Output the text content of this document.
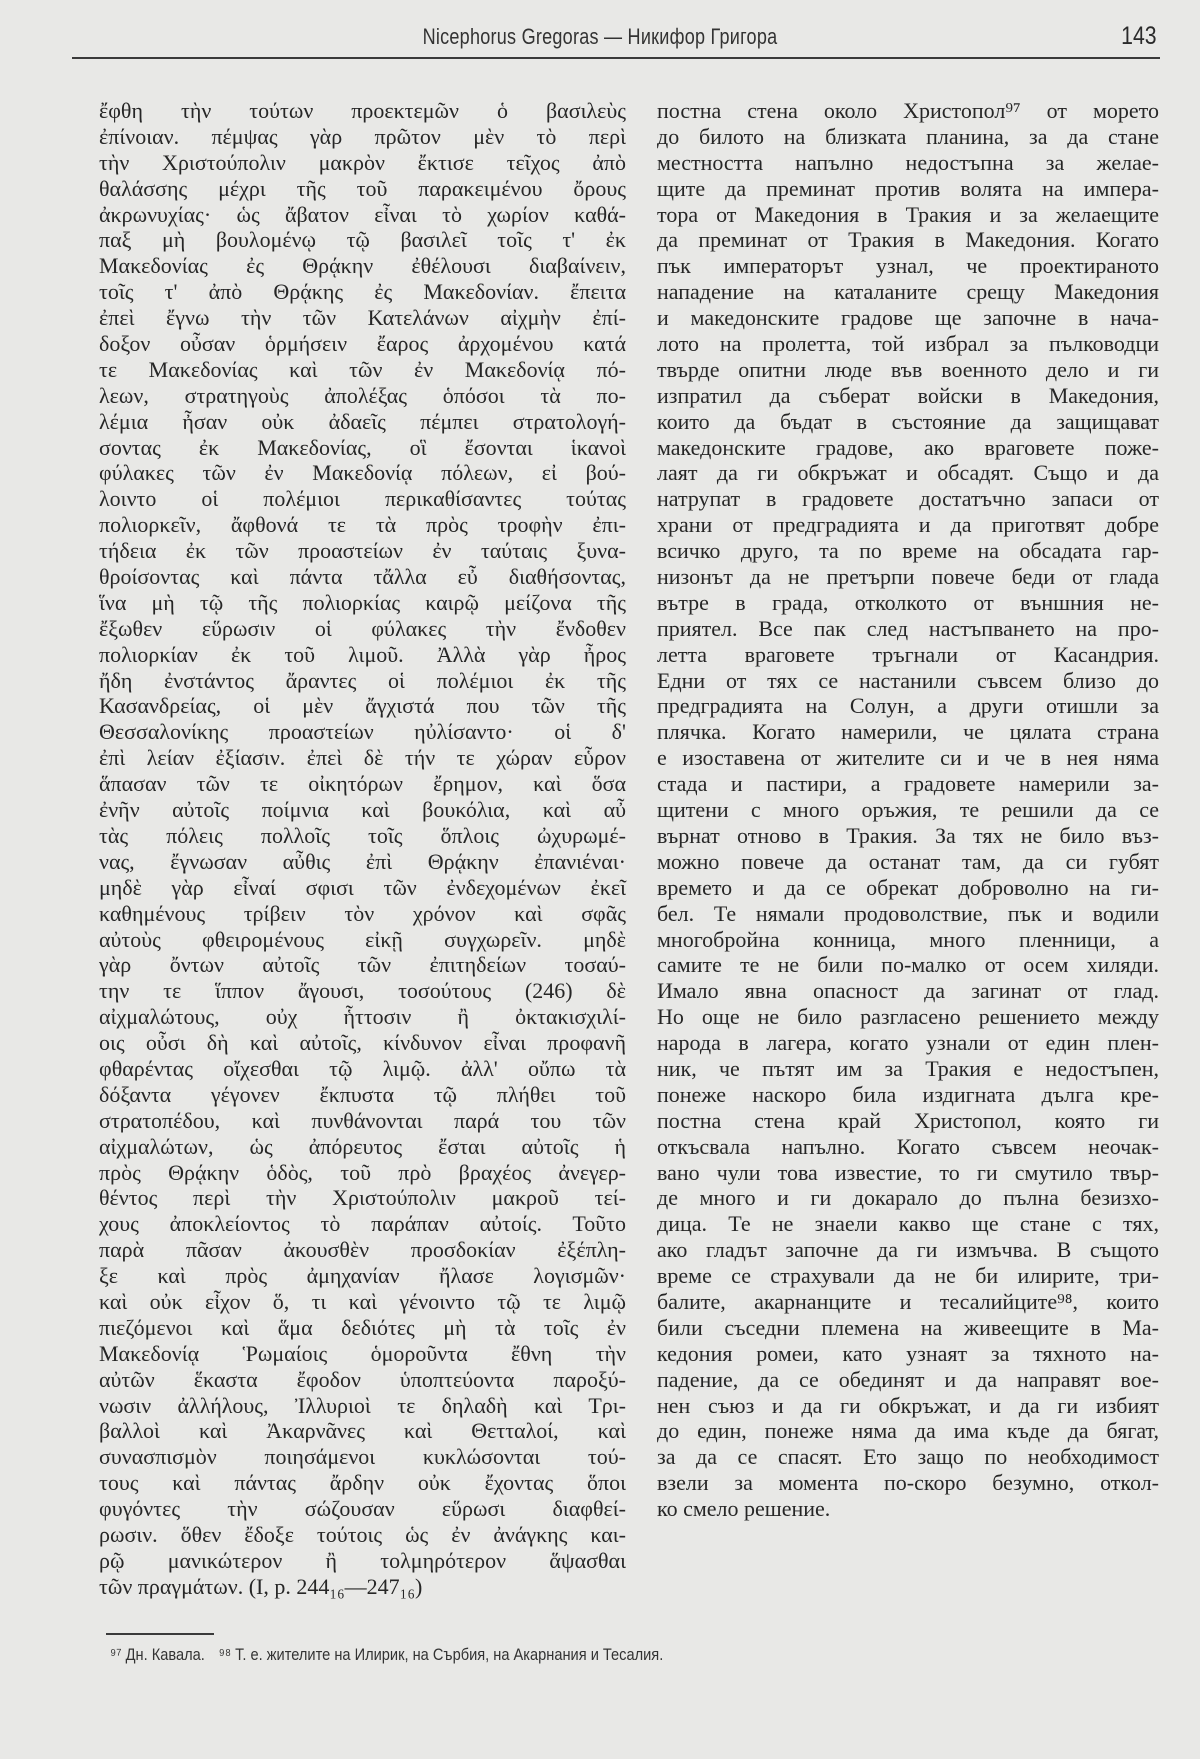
Nicephorus Gregoras — Никифор Григора	143
ἔφθη τὴν τούτων προεκτεμῶν ὁ βασιλεὺς
ἐπίνοιαν. πέμψας γὰρ πρῶτον μὲν τὸ περὶ
τὴν Χριστούπολιν μακρὸν ἔκτισε τεῖχος ἀπὸ
θαλάσσης μέχρι τῆς τοῦ παρακειμένου ὄρους
ἀκρωνυχίας· ὡς ἄβατον εἶναι τὸ χωρίον καθά-
παξ μὴ βουλομένῳ τῷ βασιλεῖ τοῖς τ' ἐκ
Μακεδονίας ἐς Θρᾴκην ἐθέλουσι διαβαίνειν,
τοῖς τ' ἀπὸ Θρᾴκης ἐς Μακεδονίαν. ἔπειτα
ἐπεὶ ἔγνω τὴν τῶν Κατελάνων αἰχμὴν ἐπί-
δοξον οὖσαν ὁρμήσειν ἔαρος ἀρχομένου κατά
τε Μακεδονίας καὶ τῶν ἐν Μακεδονίᾳ πό-
λεων, στρατηγοὺς ἀπολέξας ὁπόσοι τὰ πο-
λέμια ἦσαν οὐκ ἀδαεῖς πέμπει στρατολογή-
σοντας ἐκ Μακεδονίας, οἳ ἔσονται ἱκανοὶ
φύλακες τῶν ἐν Μακεδονίᾳ πόλεων, εἰ βού-
λοιντο οἱ πολέμιοι περικαθίσαντες τούτας
πολιορκεῖν, ἄφθονά τε τὰ πρὸς τροφὴν ἐπι-
τήδεια ἐκ τῶν προαστείων ἐν ταύταις ξυνα-
θροίσοντας καὶ πάντα τἄλλα εὖ διαθήσοντας,
ἵνα μὴ τῷ τῆς πολιορκίας καιρῷ μείζονα τῆς
ἔξωθεν εὕρωσιν οἱ φύλακες τὴν ἔνδοθεν
πολιορκίαν ἐκ τοῦ λιμοῦ. Ἀλλὰ γὰρ ἦρος
ἤδη ἐνστάντος ἄραντες οἱ πολέμιοι ἐκ τῆς
Κασανδρείας, οἱ μὲν ἄγχιστά που τῶν τῆς
Θεσσαλονίκης προαστείων ηὐλίσαντο· οἱ δ'
ἐπὶ λείαν ἐξίασιν. ἐπεὶ δὲ τήν τε χώραν εὗρον
ἅπασαν τῶν τε οἰκητόρων ἔρημον, καὶ ὅσα
ἐνῆν αὐτοῖς ποίμνια καὶ βουκόλια, καὶ αὖ
τὰς πόλεις πολλοῖς τοῖς ὅπλοις ὠχυρωμέ-
νας, ἔγνωσαν αὖθις ἐπὶ Θρᾴκην ἐπανιέναι·
μηδὲ γὰρ εἶναί σφισι τῶν ἐνδεχομένων ἐκεῖ
καθημένους τρίβειν τὸν χρόνον καὶ σφᾶς
αὐτοὺς φθειρομένους εἰκῇ συγχωρεῖν. μηδὲ
γὰρ ὄντων αὐτοῖς τῶν ἐπιτηδείων τοσαύ-
την τε ἵππον ἄγουσι, τοσούτους (246) δὲ
αἰχμαλώτους, οὐχ ἧττοσιν ἢ ὀκτακισχιλί-
οις οὖσι δὴ καὶ αὐτοῖς, κίνδυνον εἶναι προφανῆ
φθαρέντας οἴχεσθαι τῷ λιμῷ. ἀλλ' οὔπω τὰ
δόξαντα γέγονεν ἔκπυστα τῷ πλήθει τοῦ
στρατοπέδου, καὶ πυνθάνονται παρά του τῶν
αἰχμαλώτων, ὡς ἀπόρευτος ἔσται αὐτοῖς ἡ
πρὸς Θρᾴκην ὁδὸς, τοῦ πρὸ βραχέος ἀνεγερ-
θέντος περὶ τὴν Χριστούπολιν μακροῦ τεί-
χους ἀποκλείοντος τὸ παράπαν αὐτοίς. Τοῦτο
παρὰ πᾶσαν ἀκουσθὲν προσδοκίαν ἐξέπλη-
ξε καὶ πρὸς ἀμηχανίαν ἤλασε λογισμῶν·
καὶ οὐκ εἶχον ὅ, τι καὶ γένοιντο τῷ τε λιμῷ
πιεζόμενοι καὶ ἅμα δεδιότες μὴ τὰ τοῖς ἐν
Μακεδονίᾳ Ῥωμαίοις ὁμοροῦντα ἔθνη τὴν
αὐτῶν ἕκαστα ἔφοδον ὑποπτεύοντα παροξύ-
νωσιν ἀλλήλους, Ἰλλυριοὶ τε δηλαδὴ καὶ Τρι-
βαλλοὶ καὶ Ἀκαρνᾶνες καὶ Θετταλοί, καὶ
συνασπισμὸν ποιησάμενοι κυκλώσονται τού-
τους καὶ πάντας ἄρδην οὐκ ἔχοντας ὅποι
φυγόντες τὴν σώζουσαν εὕρωσι διαφθεί-
ρωσιν. ὅθεν ἔδοξε τούτοις ὡς ἐν ἀνάγκης και-
ρῷ μανικώτερον ἢ τολμηρότερον ἅψασθαι
τῶν πραγμάτων. (I, p. 244₁₆—247₁₆)
постна стена около Христопол⁹⁷ от морето
до билото на близката планина, за да стане
местността напълно недостъпна за желае-
щите да преминат против волята на импера-
тора от Македония в Тракия и за желаещите
да преминат от Тракия в Македония. Когато
пък императорът узнал, че проектираното
нападение на каталаните срещу Македония
и македонските градове ще започне в нача-
лото на пролетта, той избрал за пълководци
твърде опитни люде във военното дело и ги
изпратил да съберат войски в Македония,
които да бъдат в състояние да защищават
македонските градове, ако враговете поже-
лаят да ги обкръжат и обсадят. Също и да
натрупат в градовете достатъчно запаси от
храни от предградията и да приготвят добре
всичко друго, та по време на обсадата гар-
низонът да не претърпи повече беди от глада
вътре в града, отколкото от външния не-
приятел. Все пак след настъпването на про-
летта враговете тръгнали от Касандрия.
Едни от тях се настанили съвсем близо до
предградията на Солун, а други отишли за
плячка. Когато намерили, че цялата страна
е изоставена от жителите си и че в нея няма
стада и пастири, а градовете намерили за-
щитени с много оръжия, те решили да се
върнат отново в Тракия. За тях не било въз-
можно повече да останат там, да си губят
времето и да се обрекат доброволно на ги-
бел. Те нямали продоволствие, пък и водили
многобройна конница, много пленници, а
самите те не били по-малко от осем хиляди.
Имало явна опасност да загинат от глад.
Но още не било разгласено решението между
народа в лагера, когато узнали от един плен-
ник, че пътят им за Тракия е недостъпен,
понеже наскоро била издигната дълга кре-
постна стена край Христопол, която ги
откъсвала напълно. Когато съвсем неочак-
вано чули това известие, то ги смутило твър-
де много и ги докарало до пълна безизхо-
дица. Те не знаели какво ще стане с тях,
ако гладът започне да ги измъчва. В същото
време се страхували да не би илирите, три-
балите, акарнанците и тесалийците⁹⁸, които
били съседни племена на живеещите в Ма-
кедония ромеи, като узнаят за тяхното на-
падение, да се обединят и да направят вое-
нен съюз и да ги обкръжат, и да ги избият
до един, понеже няма да има къде да бягат,
за да се спасят. Ето защо по необходимост
взели за момента по-скоро безумно, откол-
ко смело решение.
⁹⁷ Дн. Кавала. ⁹⁸ Т. е. жителите на Илирик, на Сърбия, на Акарнания и Тесалия.
